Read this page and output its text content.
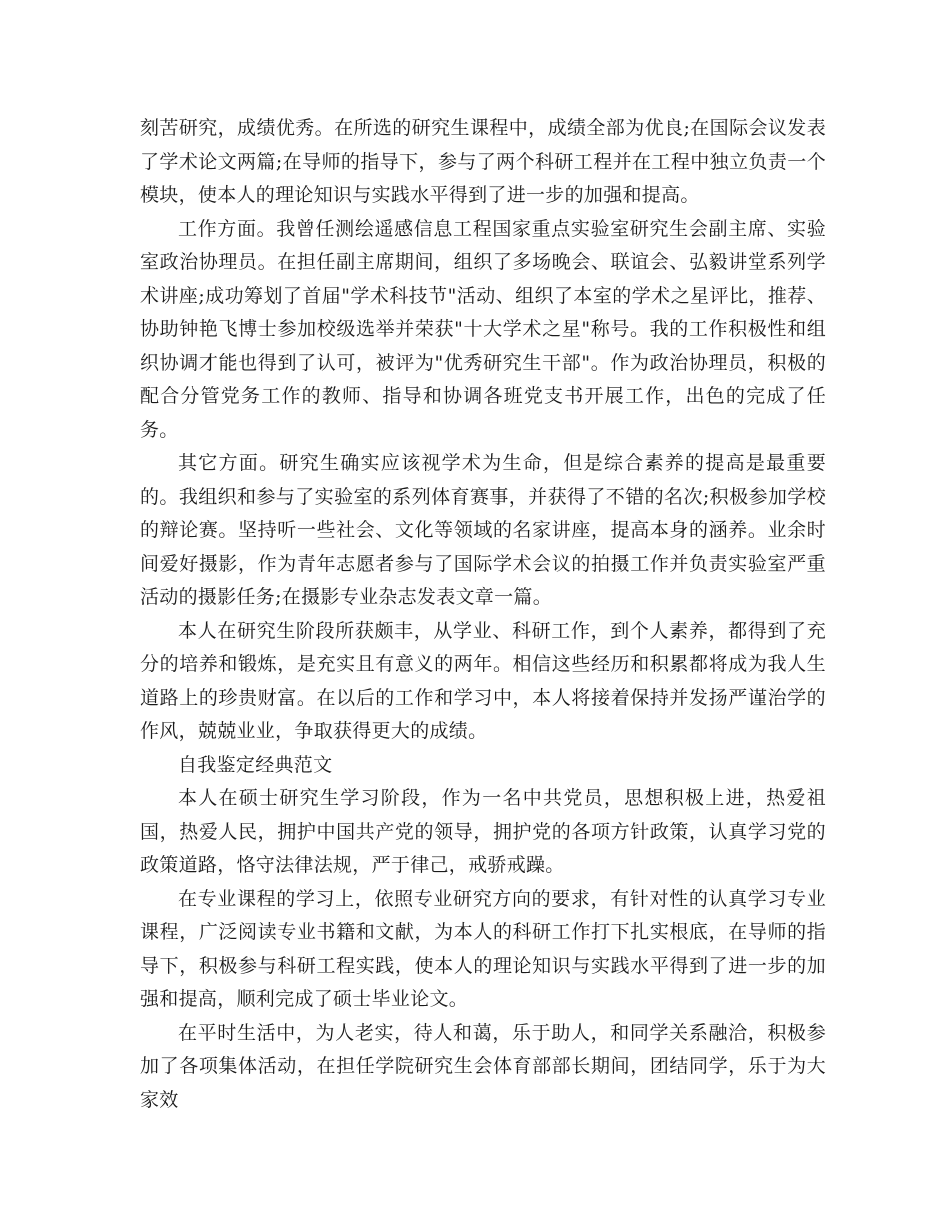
刻苦研究，成绩优秀。在所选的研究生课程中，成绩全部为优良;在国际会议发表了学术论文两篇;在导师的指导下，参与了两个科研工程并在工程中独立负责一个模块，使本人的理论知识与实践水平得到了进一步的加强和提高。

工作方面。我曾任测绘遥感信息工程国家重点实验室研究生会副主席、实验室政治协理员。在担任副主席期间，组织了多场晚会、联谊会、弘毅讲堂系列学术讲座;成功筹划了首届"学术科技节"活动、组织了本室的学术之星评比，推荐、协助钟艳飞博士参加校级选举并荣获"十大学术之星"称号。我的工作积极性和组织协调才能也得到了认可，被评为"优秀研究生干部"。作为政治协理员，积极的配合分管党务工作的教师、指导和协调各班党支书开展工作，出色的完成了任务。

其它方面。研究生确实应该视学术为生命，但是综合素养的提高是最重要的。我组织和参与了实验室的系列体育赛事，并获得了不错的名次;积极参加学校的辩论赛。坚持听一些社会、文化等领域的名家讲座，提高本身的涵养。业余时间爱好摄影，作为青年志愿者参与了国际学术会议的拍摄工作并负责实验室严重活动的摄影任务;在摄影专业杂志发表文章一篇。

本人在研究生阶段所获颇丰，从学业、科研工作，到个人素养，都得到了充分的培养和锻炼，是充实且有意义的两年。相信这些经历和积累都将成为我人生道路上的珍贵财富。在以后的工作和学习中，本人将接着保持并发扬严谨治学的作风，兢兢业业，争取获得更大的成绩。

自我鉴定经典范文

本人在硕士研究生学习阶段，作为一名中共党员，思想积极上进，热爱祖国，热爱人民，拥护中国共产党的领导，拥护党的各项方针政策，认真学习党的政策道路，恪守法律法规，严于律己，戒骄戒躁。

在专业课程的学习上，依照专业研究方向的要求，有针对性的认真学习专业课程，广泛阅读专业书籍和文献，为本人的科研工作打下扎实根底，在导师的指导下，积极参与科研工程实践，使本人的理论知识与实践水平得到了进一步的加强和提高，顺利完成了硕士毕业论文。

在平时生活中，为人老实，待人和蔼，乐于助人，和同学关系融洽，积极参加了各项集体活动，在担任学院研究生会体育部部长期间，团结同学，乐于为大家效
